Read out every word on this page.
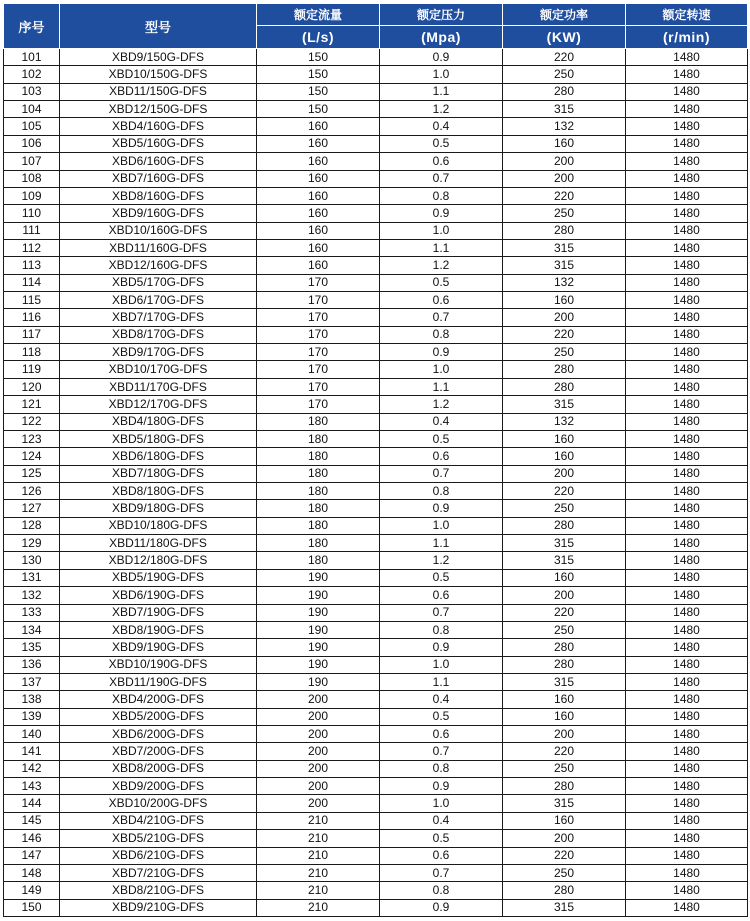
序号	型号	额定流量	额定压力	额定功率	额定转速
		(L/s)	(Mpa)	(KW)	(r/min)
101	XBD9/150G-DFS	150	0.9	220	1480
102	XBD10/150G-DFS	150	1.0	250	1480
103	XBD11/150G-DFS	150	1.1	280	1480
104	XBD12/150G-DFS	150	1.2	315	1480
105	XBD4/160G-DFS	160	0.4	132	1480
106	XBD5/160G-DFS	160	0.5	160	1480
107	XBD6/160G-DFS	160	0.6	200	1480
108	XBD7/160G-DFS	160	0.7	200	1480
109	XBD8/160G-DFS	160	0.8	220	1480
110	XBD9/160G-DFS	160	0.9	250	1480
111	XBD10/160G-DFS	160	1.0	280	1480
112	XBD11/160G-DFS	160	1.1	315	1480
113	XBD12/160G-DFS	160	1.2	315	1480
114	XBD5/170G-DFS	170	0.5	132	1480
115	XBD6/170G-DFS	170	0.6	160	1480
116	XBD7/170G-DFS	170	0.7	200	1480
117	XBD8/170G-DFS	170	0.8	220	1480
118	XBD9/170G-DFS	170	0.9	250	1480
119	XBD10/170G-DFS	170	1.0	280	1480
120	XBD11/170G-DFS	170	1.1	280	1480
121	XBD12/170G-DFS	170	1.2	315	1480
122	XBD4/180G-DFS	180	0.4	132	1480
123	XBD5/180G-DFS	180	0.5	160	1480
124	XBD6/180G-DFS	180	0.6	160	1480
125	XBD7/180G-DFS	180	0.7	200	1480
126	XBD8/180G-DFS	180	0.8	220	1480
127	XBD9/180G-DFS	180	0.9	250	1480
128	XBD10/180G-DFS	180	1.0	280	1480
129	XBD11/180G-DFS	180	1.1	315	1480
130	XBD12/180G-DFS	180	1.2	315	1480
131	XBD5/190G-DFS	190	0.5	160	1480
132	XBD6/190G-DFS	190	0.6	200	1480
133	XBD7/190G-DFS	190	0.7	220	1480
134	XBD8/190G-DFS	190	0.8	250	1480
135	XBD9/190G-DFS	190	0.9	280	1480
136	XBD10/190G-DFS	190	1.0	280	1480
137	XBD11/190G-DFS	190	1.1	315	1480
138	XBD4/200G-DFS	200	0.4	160	1480
139	XBD5/200G-DFS	200	0.5	160	1480
140	XBD6/200G-DFS	200	0.6	200	1480
141	XBD7/200G-DFS	200	0.7	220	1480
142	XBD8/200G-DFS	200	0.8	250	1480
143	XBD9/200G-DFS	200	0.9	280	1480
144	XBD10/200G-DFS	200	1.0	315	1480
145	XBD4/210G-DFS	210	0.4	160	1480
146	XBD5/210G-DFS	210	0.5	200	1480
147	XBD6/210G-DFS	210	0.6	220	1480
148	XBD7/210G-DFS	210	0.7	250	1480
149	XBD8/210G-DFS	210	0.8	280	1480
150	XBD9/210G-DFS	210	0.9	315	1480
